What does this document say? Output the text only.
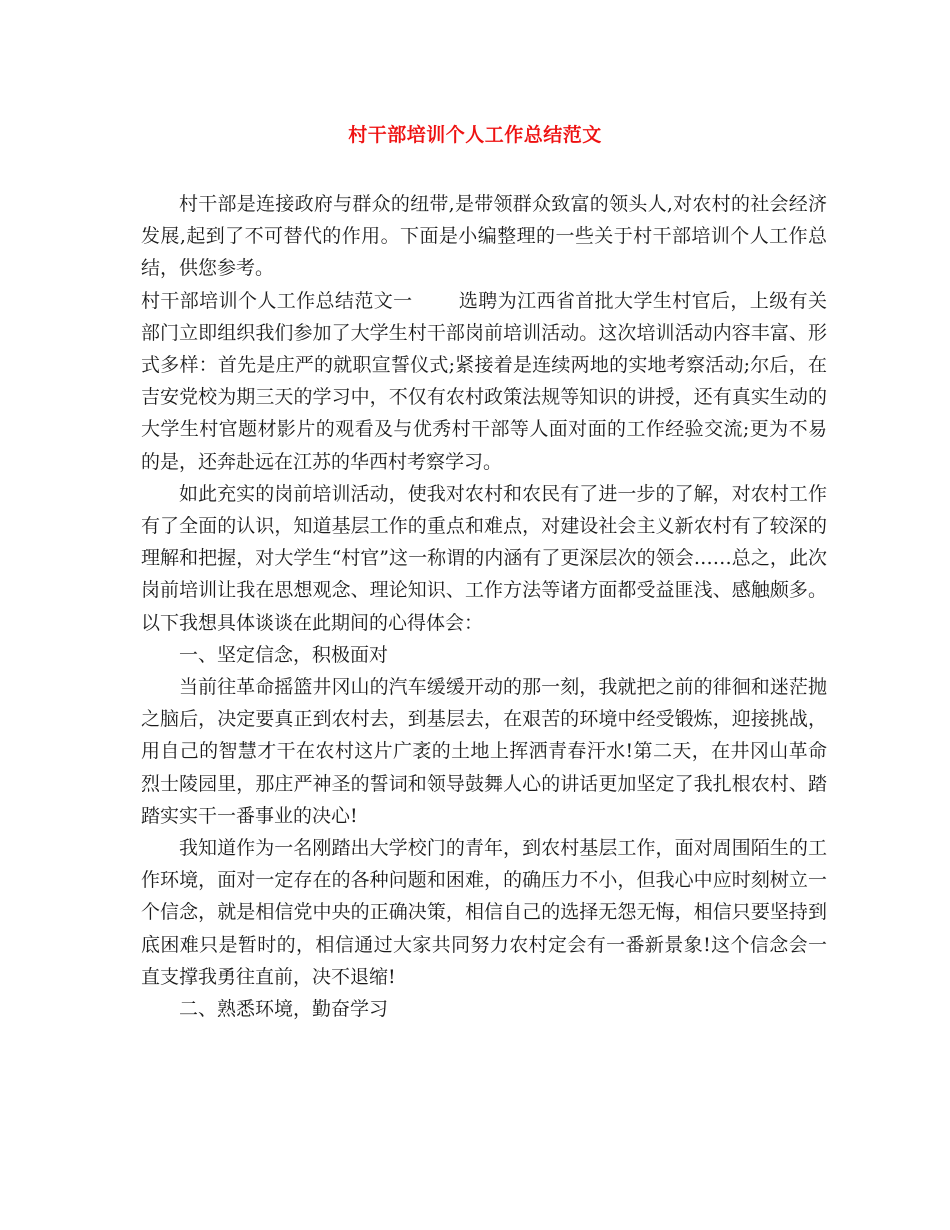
村干部培训个人工作总结范文

村干部是连接政府与群众的纽带,是带领群众致富的领头人,对农村的社会经济发展,起到了不可替代的作用。下面是小编整理的一些关于村干部培训个人工作总结，供您参考。

村干部培训个人工作总结范文一 选聘为江西省首批大学生村官后，上级有关部门立即组织我们参加了大学生村干部岗前培训活动。这次培训活动内容丰富、形式多样：首先是庄严的就职宣誓仪式;紧接着是连续两地的实地考察活动;尔后，在吉安党校为期三天的学习中，不仅有农村政策法规等知识的讲授，还有真实生动的大学生村官题材影片的观看及与优秀村干部等人面对面的工作经验交流;更为不易的是，还奔赴远在江苏的华西村考察学习。

如此充实的岗前培训活动，使我对农村和农民有了进一步的了解，对农村工作有了全面的认识，知道基层工作的重点和难点，对建设社会主义新农村有了较深的理解和把握，对大学生“村官”这一称谓的内涵有了更深层次的领会……总之，此次岗前培训让我在思想观念、理论知识、工作方法等诸方面都受益匪浅、感触颇多。以下我想具体谈谈在此期间的心得体会：

一、坚定信念，积极面对

当前往革命摇篮井冈山的汽车缓缓开动的那一刻，我就把之前的徘徊和迷茫抛之脑后，决定要真正到农村去，到基层去，在艰苦的环境中经受锻炼，迎接挑战，用自己的智慧才干在农村这片广袤的土地上挥洒青春汗水!第二天，在井冈山革命烈士陵园里，那庄严神圣的誓词和领导鼓舞人心的讲话更加坚定了我扎根农村、踏踏实实干一番事业的决心!

我知道作为一名刚踏出大学校门的青年，到农村基层工作，面对周围陌生的工作环境，面对一定存在的各种问题和困难，的确压力不小，但我心中应时刻树立一个信念，就是相信党中央的正确决策，相信自己的选择无怨无悔，相信只要坚持到底困难只是暂时的，相信通过大家共同努力农村定会有一番新景象!这个信念会一直支撑我勇往直前，决不退缩!

二、熟悉环境，勤奋学习
